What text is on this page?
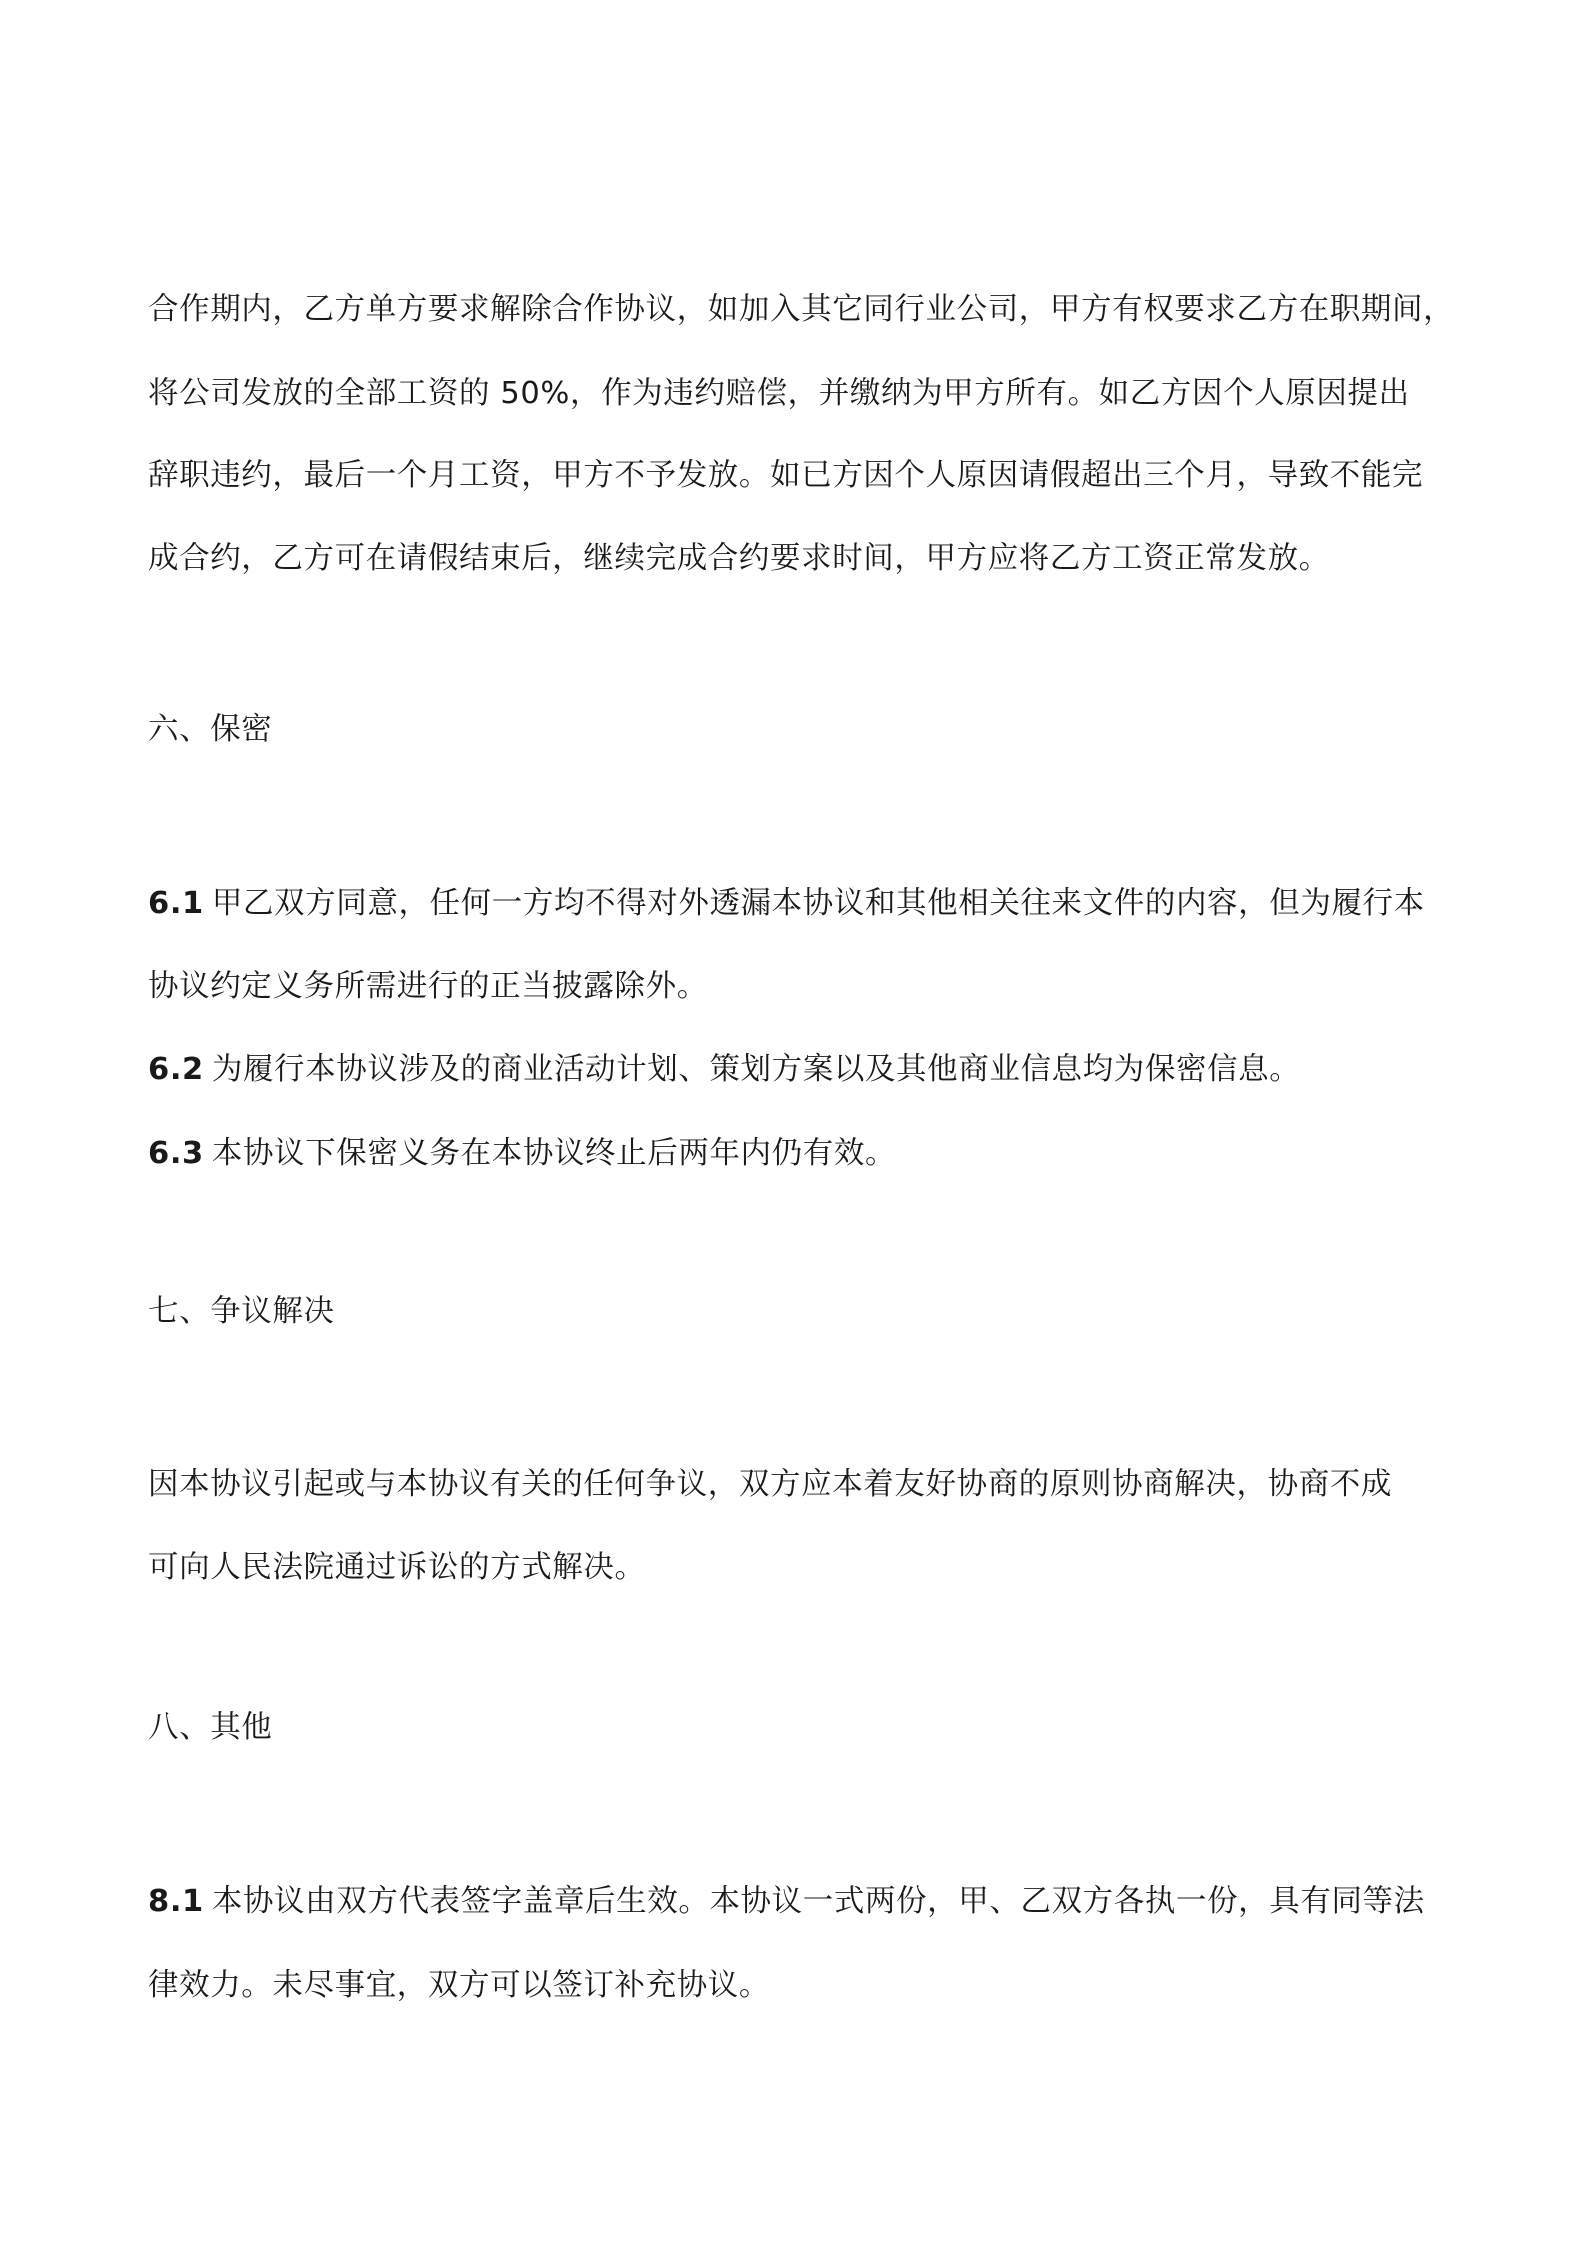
合作期内，乙方单方要求解除合作协议，如加入其它同行业公司，甲方有权要求乙方在职期间，
将公司发放的全部工资的 50%，作为违约赔偿，并缴纳为甲方所有。如乙方因个人原因提出
辞职违约，最后一个月工资，甲方不予发放。如已方因个人原因请假超出三个月，导致不能完
成合约，乙方可在请假结束后，继续完成合约要求时间，甲方应将乙方工资正常发放。
六、保密
6.1 甲乙双方同意，任何一方均不得对外透漏本协议和其他相关往来文件的内容，但为履行本
协议约定义务所需进行的正当披露除外。
6.2 为履行本协议涉及的商业活动计划、策划方案以及其他商业信息均为保密信息。
6.3 本协议下保密义务在本协议终止后两年内仍有效。
七、争议解决
因本协议引起或与本协议有关的任何争议，双方应本着友好协商的原则协商解决，协商不成
可向人民法院通过诉讼的方式解决。
八、其他
8.1 本协议由双方代表签字盖章后生效。本协议一式两份，甲、乙双方各执一份，具有同等法
律效力。未尽事宜，双方可以签订补充协议。
